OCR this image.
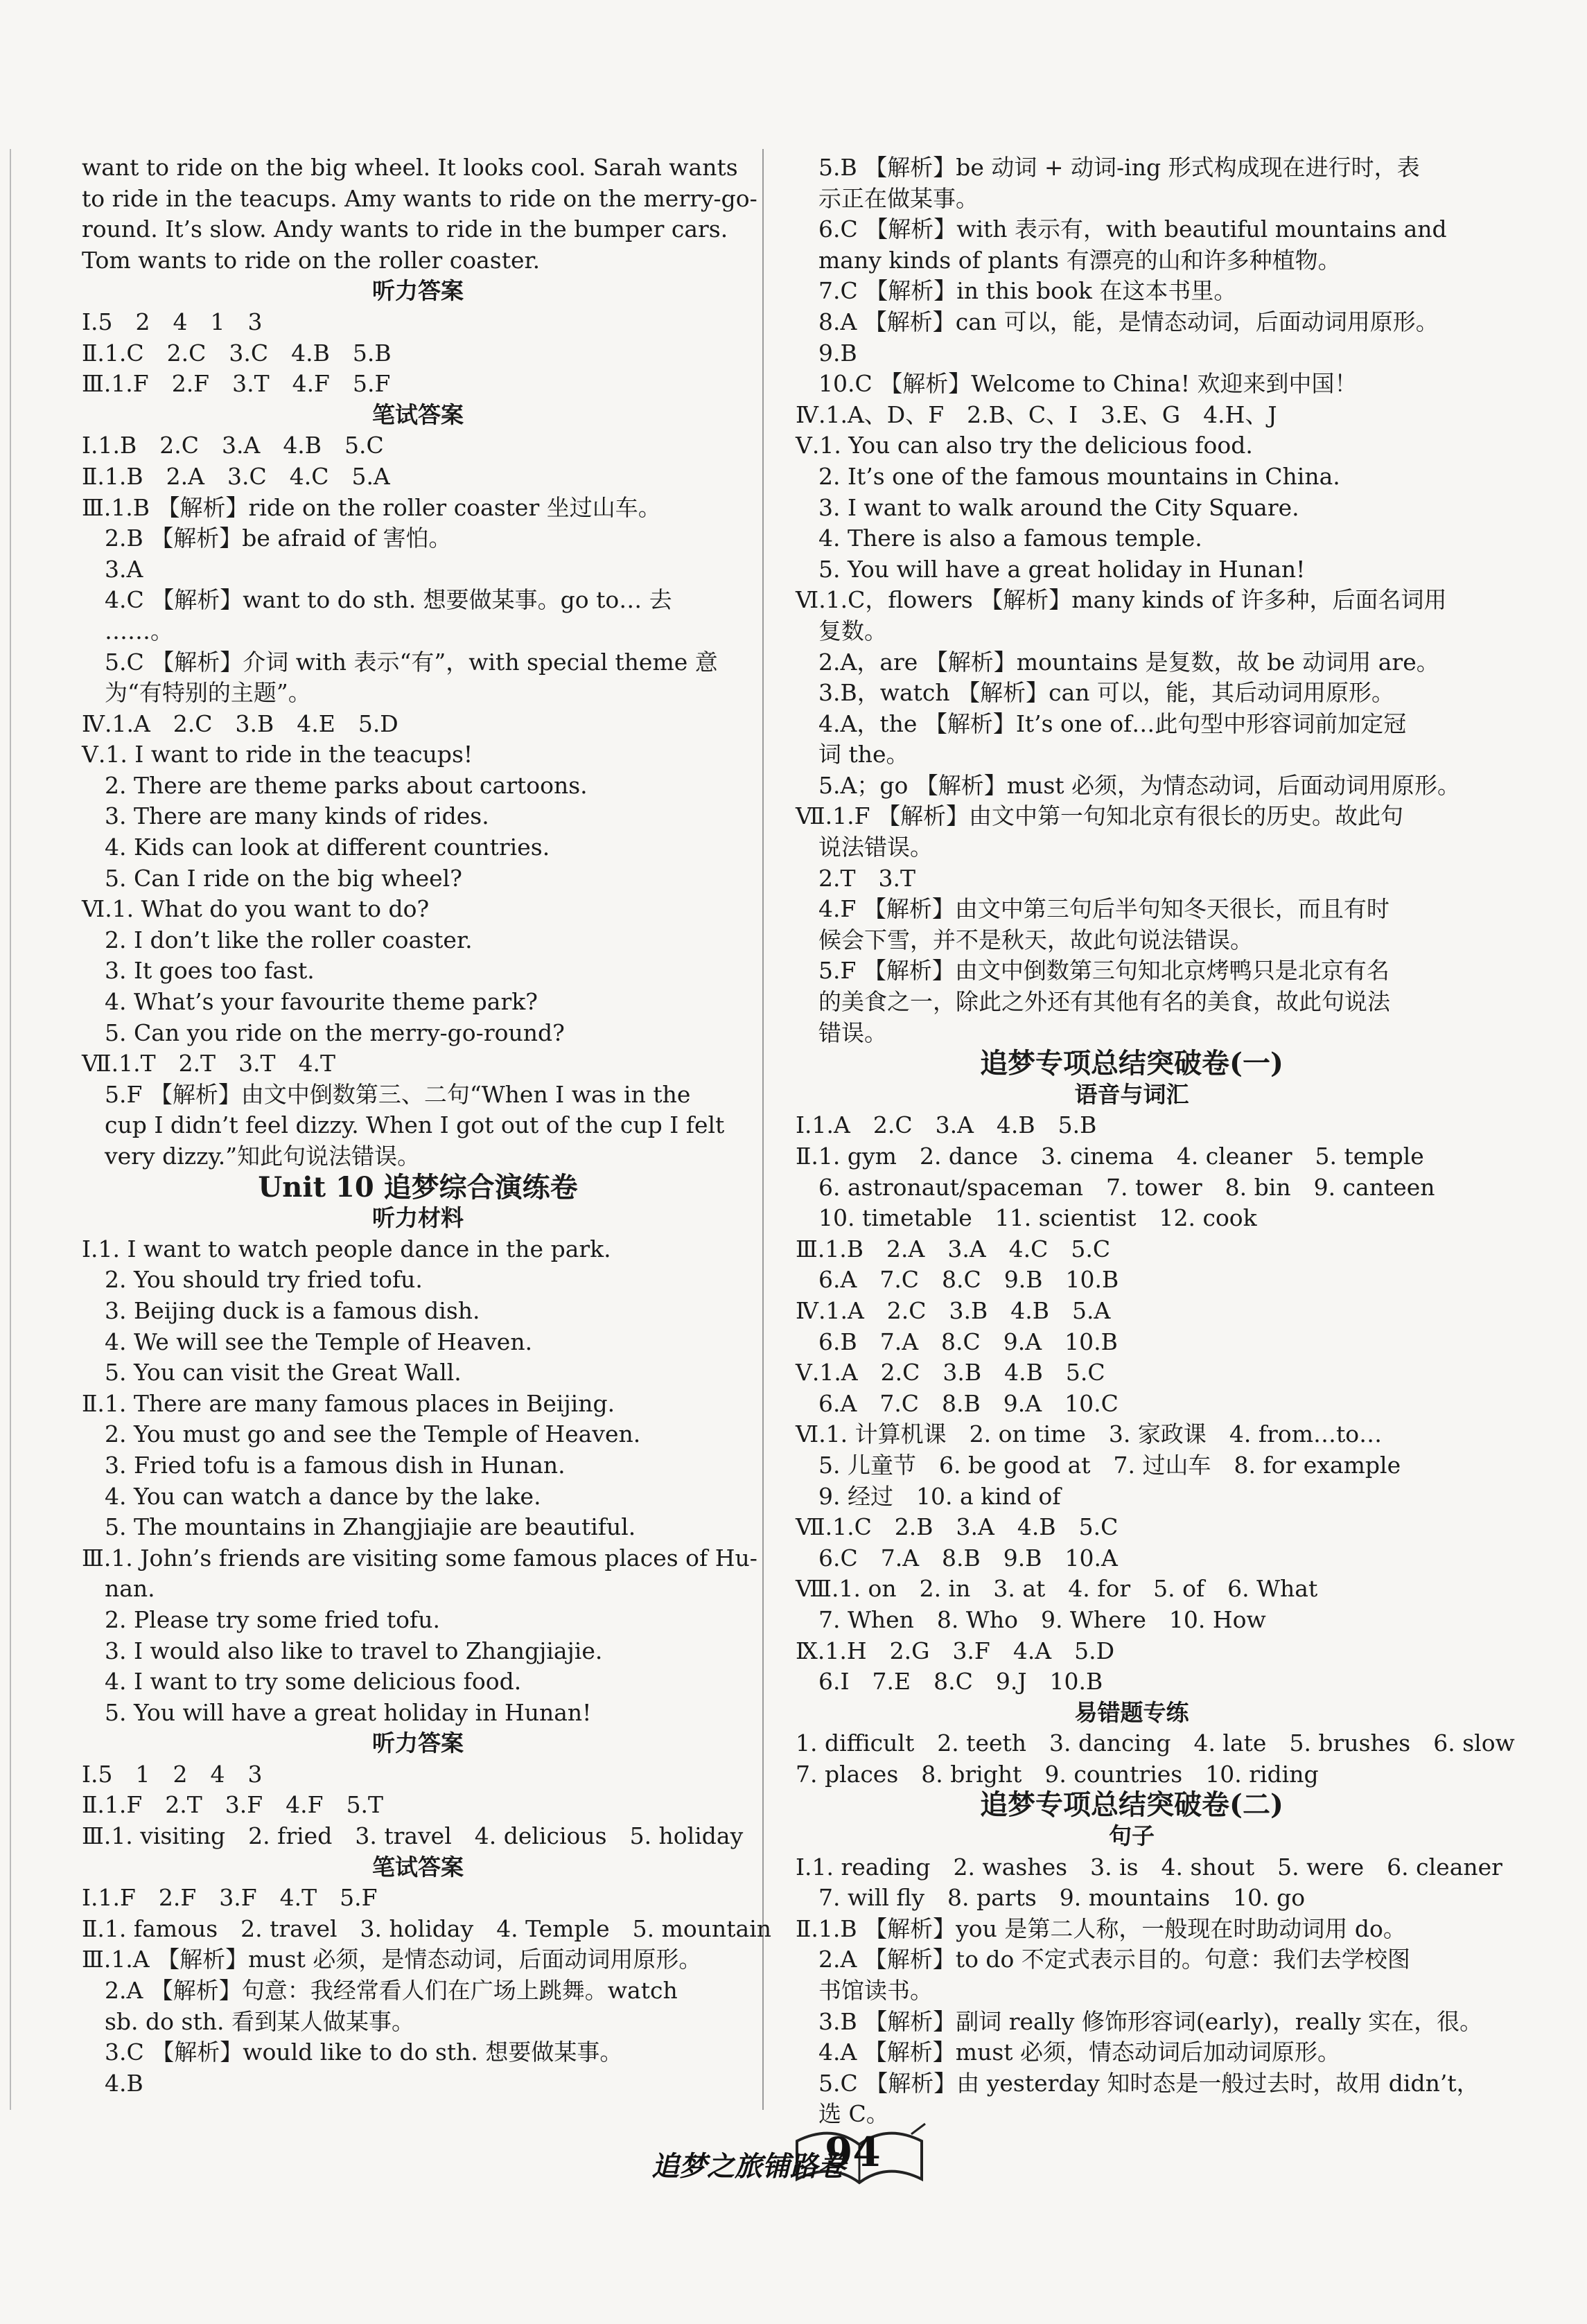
want to ride on the big wheel. It looks cool. Sarah wants
to ride in the teacups. Amy wants to ride on the merry-go-
round. It’s slow. Andy wants to ride in the bumper cars.
Tom wants to ride on the roller coaster.
听力答案
Ⅰ.5　2　4　1　3
Ⅱ.1.C　2.C　3.C　4.B　5.B
Ⅲ.1.F　2.F　3.T　4.F　5.F
笔试答案
Ⅰ.1.B　2.C　3.A　4.B　5.C
Ⅱ.1.B　2.A　3.C　4.C　5.A
Ⅲ.1.B 【解析】ride on the roller coaster 坐过山车。
　2.B 【解析】be afraid of 害怕。
　3.A
　4.C 【解析】want to do sth. 想要做某事。go to… 去
　……。
　5.C 【解析】介词 with 表示“有”，with special theme 意
　为“有特别的主题”。
Ⅳ.1.A　2.C　3.B　4.E　5.D
Ⅴ.1. I want to ride in the teacups!
　2. There are theme parks about cartoons.
　3. There are many kinds of rides.
　4. Kids can look at different countries.
　5. Can I ride on the big wheel?
Ⅵ.1. What do you want to do?
　2. I don’t like the roller coaster.
　3. It goes too fast.
　4. What’s your favourite theme park?
　5. Can you ride on the merry-go-round?
Ⅶ.1.T　2.T　3.T　4.T
　5.F 【解析】由文中倒数第三、二句“When I was in the
　cup I didn’t feel dizzy. When I got out of the cup I felt
　very dizzy.”知此句说法错误。
Unit 10 追梦综合演练卷
听力材料
Ⅰ.1. I want to watch people dance in the park.
　2. You should try fried tofu.
　3. Beijing duck is a famous dish.
　4. We will see the Temple of Heaven.
　5. You can visit the Great Wall.
Ⅱ.1. There are many famous places in Beijing.
　2. You must go and see the Temple of Heaven.
　3. Fried tofu is a famous dish in Hunan.
　4. You can watch a dance by the lake.
　5. The mountains in Zhangjiajie are beautiful.
Ⅲ.1. John’s friends are visiting some famous places of Hu-
　nan.
　2. Please try some fried tofu.
　3. I would also like to travel to Zhangjiajie.
　4. I want to try some delicious food.
　5. You will have a great holiday in Hunan!
听力答案
Ⅰ.5　1　2　4　3
Ⅱ.1.F　2.T　3.F　4.F　5.T
Ⅲ.1. visiting　2. fried　3. travel　4. delicious　5. holiday
笔试答案
Ⅰ.1.F　2.F　3.F　4.T　5.F
Ⅱ.1. famous　2. travel　3. holiday　4. Temple　5. mountain
Ⅲ.1.A 【解析】must 必须，是情态动词，后面动词用原形。
　2.A 【解析】句意：我经常看人们在广场上跳舞。watch
　sb. do sth. 看到某人做某事。
　3.C 【解析】would like to do sth. 想要做某事。
　4.B
　5.B 【解析】be 动词 + 动词-ing 形式构成现在进行时，表
　示正在做某事。
　6.C 【解析】with 表示有，with beautiful mountains and
　many kinds of plants 有漂亮的山和许多种植物。
　7.C 【解析】in this book 在这本书里。
　8.A 【解析】can 可以，能，是情态动词，后面动词用原形。
　9.B
　10.C 【解析】Welcome to China! 欢迎来到中国！
Ⅳ.1.A、D、F　2.B、C、I　3.E、G　4.H、J
Ⅴ.1. You can also try the delicious food.
　2. It’s one of the famous mountains in China.
　3. I want to walk around the City Square.
　4. There is also a famous temple.
　5. You will have a great holiday in Hunan!
Ⅵ.1.C，flowers 【解析】many kinds of 许多种，后面名词用
　复数。
　2.A，are 【解析】mountains 是复数，故 be 动词用 are。
　3.B，watch 【解析】can 可以，能，其后动词用原形。
　4.A，the 【解析】It’s one of…此句型中形容词前加定冠
　词 the。
　5.A；go 【解析】must 必须，为情态动词，后面动词用原形。
Ⅶ.1.F 【解析】由文中第一句知北京有很长的历史。故此句
　说法错误。
　2.T　3.T
　4.F 【解析】由文中第三句后半句知冬天很长，而且有时
　候会下雪，并不是秋天，故此句说法错误。
　5.F 【解析】由文中倒数第三句知北京烤鸭只是北京有名
　的美食之一，除此之外还有其他有名的美食，故此句说法
　错误。
追梦专项总结突破卷(一)
语音与词汇
Ⅰ.1.A　2.C　3.A　4.B　5.B
Ⅱ.1. gym　2. dance　3. cinema　4. cleaner　5. temple
　6. astronaut/spaceman　7. tower　8. bin　9. canteen
　10. timetable　11. scientist　12. cook
Ⅲ.1.B　2.A　3.A　4.C　5.C
　6.A　7.C　8.C　9.B　10.B
Ⅳ.1.A　2.C　3.B　4.B　5.A
　6.B　7.A　8.C　9.A　10.B
Ⅴ.1.A　2.C　3.B　4.B　5.C
　6.A　7.C　8.B　9.A　10.C
Ⅵ.1. 计算机课　2. on time　3. 家政课　4. from…to…
　5. 儿童节　6. be good at　7. 过山车　8. for example
　9. 经过　10. a kind of
Ⅶ.1.C　2.B　3.A　4.B　5.C
　6.C　7.A　8.B　9.B　10.A
Ⅷ.1. on　2. in　3. at　4. for　5. of　6. What
　7. When　8. Who　9. Where　10. How
Ⅸ.1.H　2.G　3.F　4.A　5.D
　6.I　7.E　8.C　9.J　10.B
易错题专练
1. difficult　2. teeth　3. dancing　4. late　5. brushes　6. slow
7. places　8. bright　9. countries　10. riding
追梦专项总结突破卷(二)
句子
Ⅰ.1. reading　2. washes　3. is　4. shout　5. were　6. cleaner
　7. will fly　8. parts　9. mountains　10. go
Ⅱ.1.B 【解析】you 是第二人称，一般现在时助动词用 do。
　2.A 【解析】to do 不定式表示目的。句意：我们去学校图
　书馆读书。
　3.B 【解析】副词 really 修饰形容词(early)，really 实在，很。
　4.A 【解析】must 必须，情态动词后加动词原形。
　5.C 【解析】由 yesterday 知时态是一般过去时，故用 didn’t，
　选 C。
追梦之旅铺路卷
94
